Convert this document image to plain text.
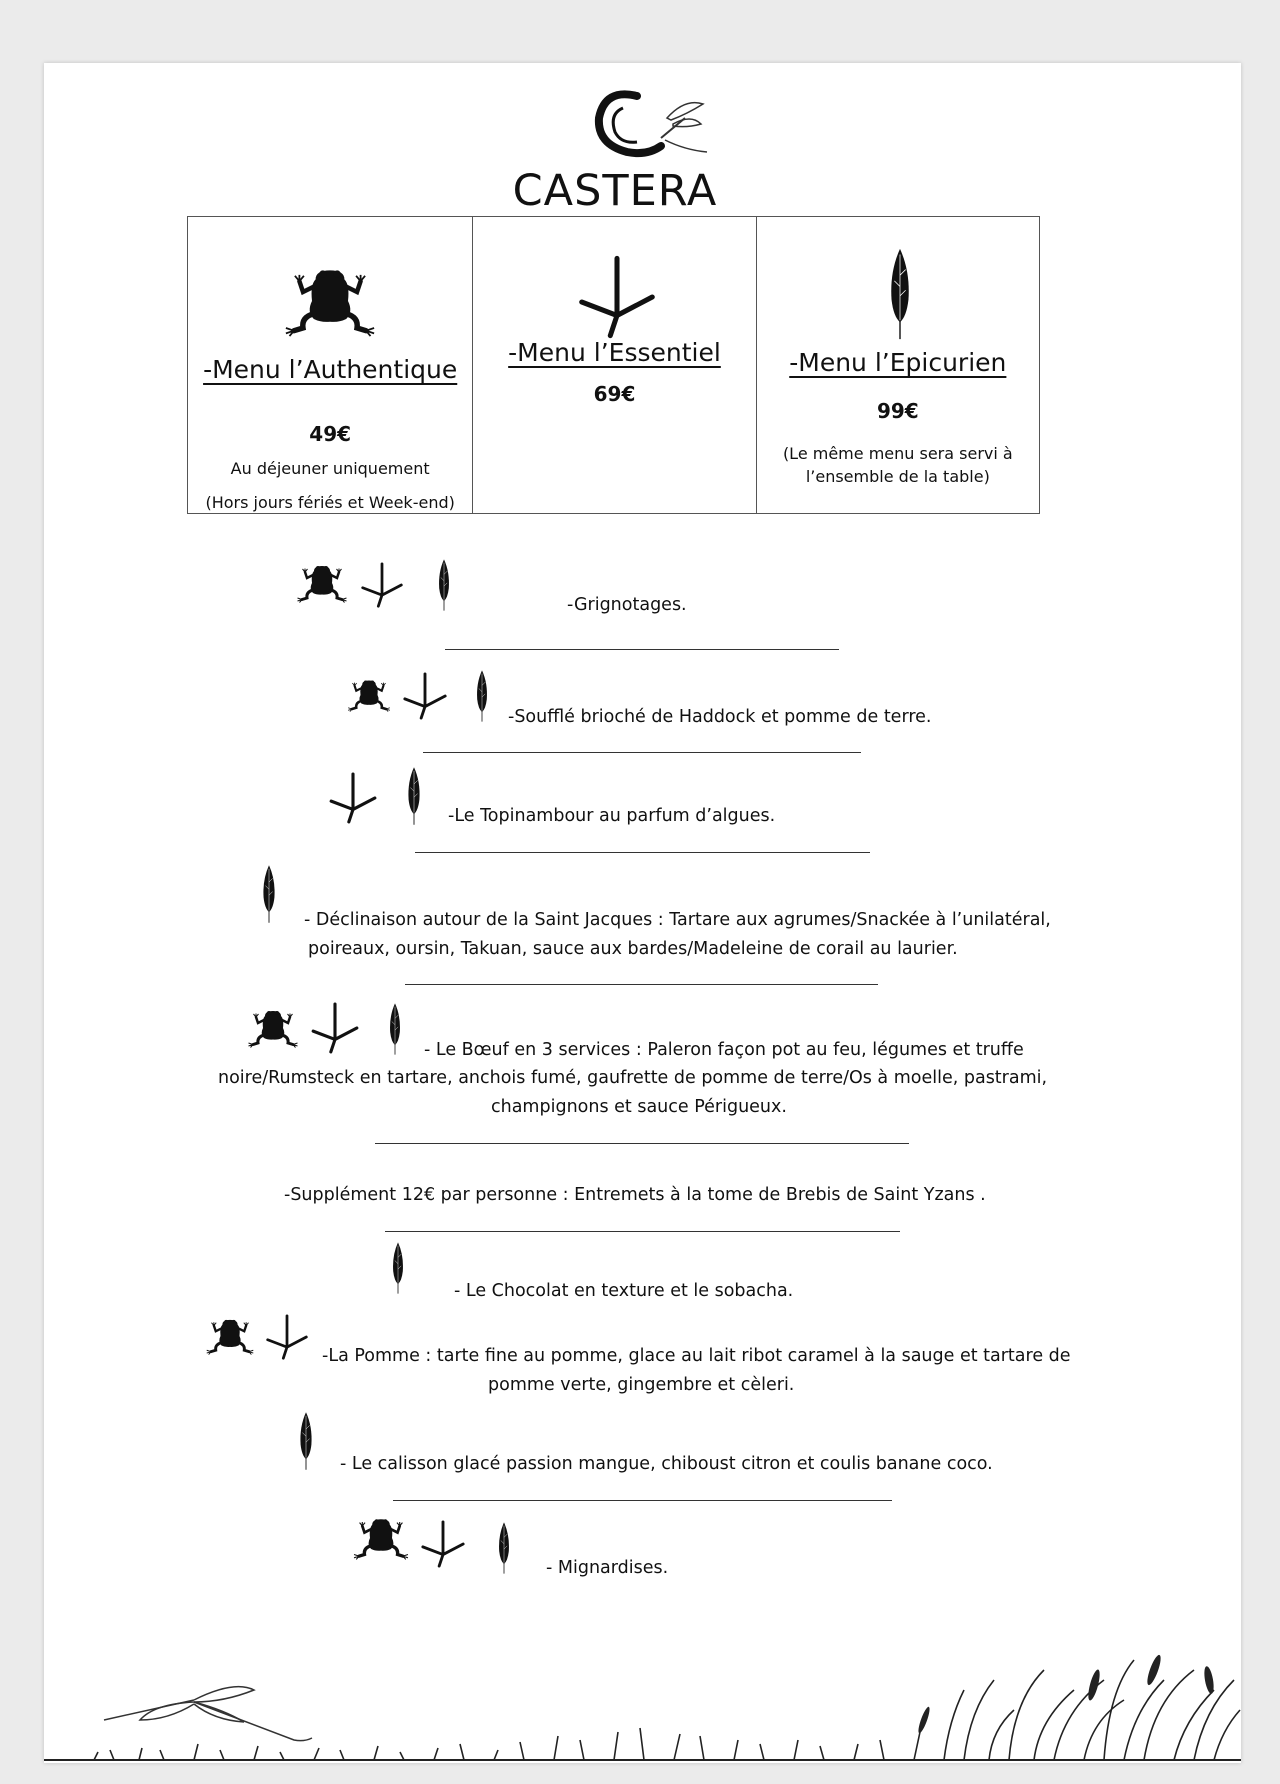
CASTERA
-Menu l’Authentique
49€
Au déjeuner uniquement
(Hors jours fériés et Week-end)
-Menu l’Essentiel
69€
-Menu l’Epicurien
99€
(Le même menu sera servi à
l’ensemble de la table)
-Grignotages.
-Soufflé brioché de Haddock et pomme de terre.
-Le Topinambour au parfum d’algues.
- Déclinaison autour de la Saint Jacques : Tartare aux agrumes/Snackée à l’unilatéral,
poireaux, oursin, Takuan, sauce aux bardes/Madeleine de corail au laurier.
- Le Bœuf en 3 services : Paleron façon pot au feu, légumes et truffe
noire/Rumsteck en tartare, anchois fumé, gaufrette de pomme de terre/Os à moelle, pastrami,
champignons et sauce Périgueux.
-Supplément 12€ par personne : Entremets à la tome de Brebis de Saint Yzans .
- Le Chocolat en texture et le sobacha.
-La Pomme : tarte fine au pomme, glace au lait ribot caramel à la sauge et tartare de
pomme verte, gingembre et cèleri.
- Le calisson glacé passion mangue, chiboust citron et coulis banane coco.
- Mignardises.
